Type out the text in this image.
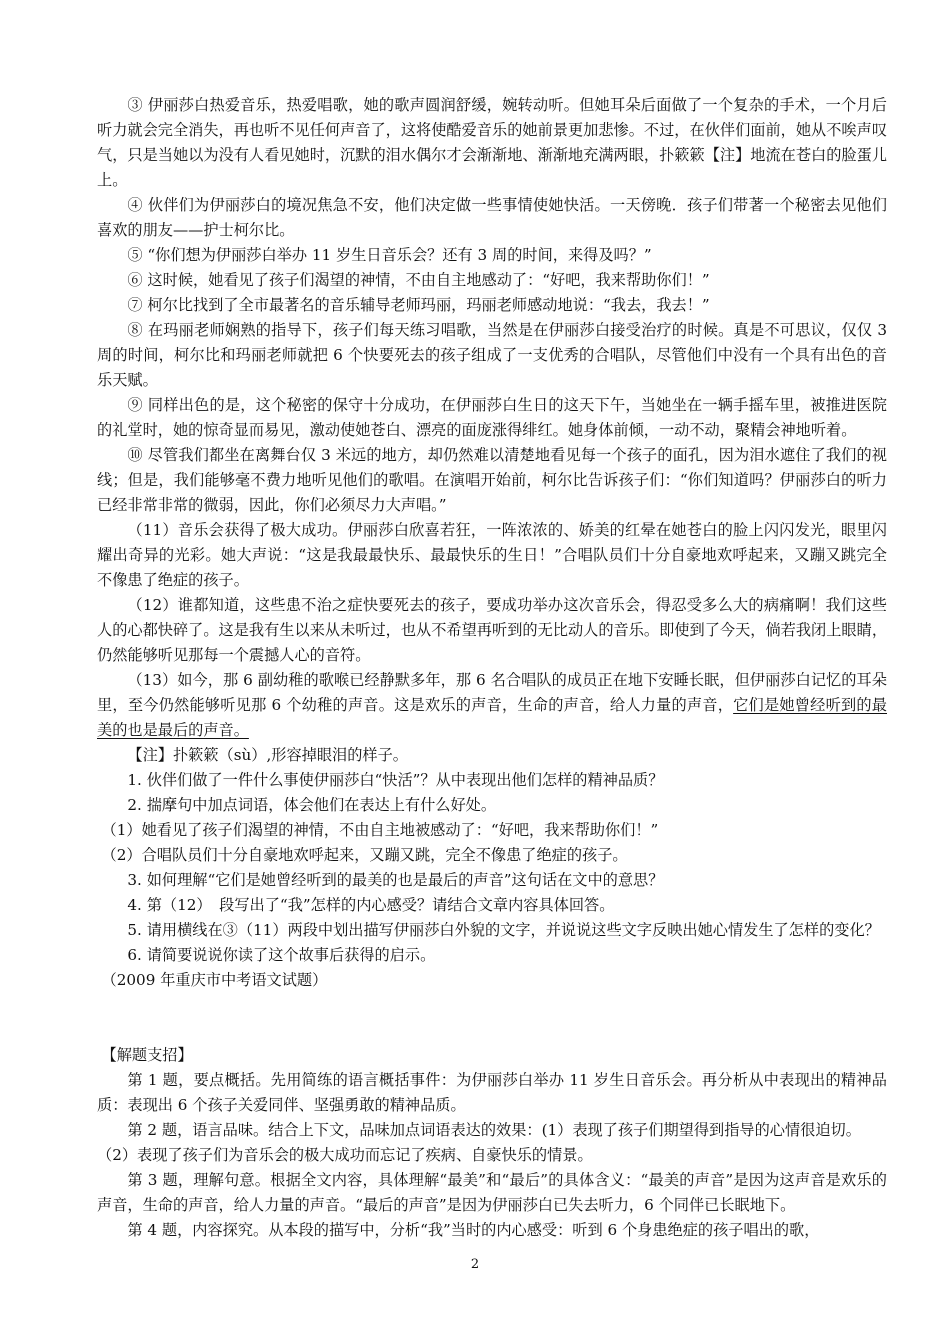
③ 伊丽莎白热爱音乐，热爱唱歌，她的歌声圆润舒缓，婉转动听。但她耳朵后面做了一个复杂的手术，一个月后听力就会完全消失，再也听不见任何声音了，这将使酷爱音乐的她前景更加悲惨。不过，在伙伴们面前，她从不唉声叹气，只是当她以为没有人看见她时，沉默的泪水偶尔才会渐渐地、渐渐地充满两眼，扑簌簌【注】地流在苍白的脸蛋儿上。

④ 伙伴们为伊丽莎白的境况焦急不安，他们决定做一些事情使她快活。一天傍晚．孩子们带著一个秘密去见他们喜欢的朋友——护士柯尔比。

⑤ “你们想为伊丽莎白举办 11 岁生日音乐会？还有 3 周的时间，来得及吗？”

⑥ 这时候，她看见了孩子们渴望的神情，不由自主地感动了：“好吧，我来帮助你们！”

⑦ 柯尔比找到了全市最著名的音乐辅导老师玛丽，玛丽老师感动地说：“我去，我去！”

⑧ 在玛丽老师娴熟的指导下，孩子们每天练习唱歌，当然是在伊丽莎白接受治疗的时候。真是不可思议，仅仅 3 周的时间，柯尔比和玛丽老师就把 6 个快要死去的孩子组成了一支优秀的合唱队，尽管他们中没有一个具有出色的音乐天赋。

⑨ 同样出色的是，这个秘密的保守十分成功，在伊丽莎白生日的这天下午，当她坐在一辆手摇车里，被推进医院的礼堂时，她的惊奇显而易见，激动使她苍白、漂亮的面庞涨得绯红。她身体前倾，一动不动，聚精会神地听着。

⑩ 尽管我们都坐在离舞台仅 3 米远的地方，却仍然难以清楚地看见每一个孩子的面孔，因为泪水遮住了我们的视线；但是，我们能够毫不费力地听见他们的歌唱。在演唱开始前，柯尔比告诉孩子们：“你们知道吗？伊丽莎白的听力已经非常非常的微弱，因此，你们必须尽力大声唱。”

（11）音乐会获得了极大成功。伊丽莎白欣喜若狂，一阵浓浓的、娇美的红晕在她苍白的脸上闪闪发光，眼里闪耀出奇异的光彩。她大声说：“这是我最最快乐、最最快乐的生日！”合唱队员们十分自豪地欢呼起来，又蹦又跳完全不像患了绝症的孩子。

（12）谁都知道，这些患不治之症快要死去的孩子，要成功举办这次音乐会，得忍受多么大的病痛啊！我们这些人的心都快碎了。这是我有生以来从未听过，也从不希望再听到的无比动人的音乐。即使到了今天，倘若我闭上眼睛，仍然能够听见那每一个震撼人心的音符。

（13）如今，那 6 副幼稚的歌喉已经静默多年，那 6 名合唱队的成员正在地下安睡长眠，但伊丽莎白记忆的耳朵里，至今仍然能够听见那 6 个幼稚的声音。这是欢乐的声音，生命的声音，给人力量的声音，它们是她曾经听到的最美的也是最后的声音。

【注】扑簌簌（sù）,形容掉眼泪的样子。

1. 伙伴们做了一件什么事使伊丽莎白“快活”？从中表现出他们怎样的精神品质？

2. 揣摩句中加点词语，体会他们在表达上有什么好处。

（1）她看见了孩子们渴望的神情，不由自主地被感动了：“好吧，我来帮助你们！”

（2）合唱队员们十分自豪地欢呼起来，又蹦又跳，完全不像患了绝症的孩子。

3. 如何理解“它们是她曾经听到的最美的也是最后的声音”这句话在文中的意思？

4. 第（12）　段写出了“我”怎样的内心感受？请结合文章内容具体回答。

5. 请用横线在③（11）两段中划出描写伊丽莎白外貌的文字，并说说这些文字反映出她心情发生了怎样的变化？

6. 请简要说说你读了这个故事后获得的启示。

（2009 年重庆市中考语文试题）

【解题支招】

第 1 题，要点概括。先用简练的语言概括事件：为伊丽莎白举办 11 岁生日音乐会。再分析从中表现出的精神品质：表现出 6 个孩子关爱同伴、坚强勇敢的精神品质。

第 2 题，语言品味。结合上下文，品味加点词语表达的效果：(1）表现了孩子们期望得到指导的心情很迫切。

（2）表现了孩子们为音乐会的极大成功而忘记了疾病、自豪快乐的情景。

第 3 题，理解句意。根据全文内容，具体理解“最美”和“最后”的具体含义：“最美的声音”是因为这声音是欢乐的声音，生命的声音，给人力量的声音。“最后的声音”是因为伊丽莎白已失去听力，6 个同伴已长眠地下。

第 4 题，内容探究。从本段的描写中，分析“我”当时的内心感受：听到 6 个身患绝症的孩子唱出的歌，

2
